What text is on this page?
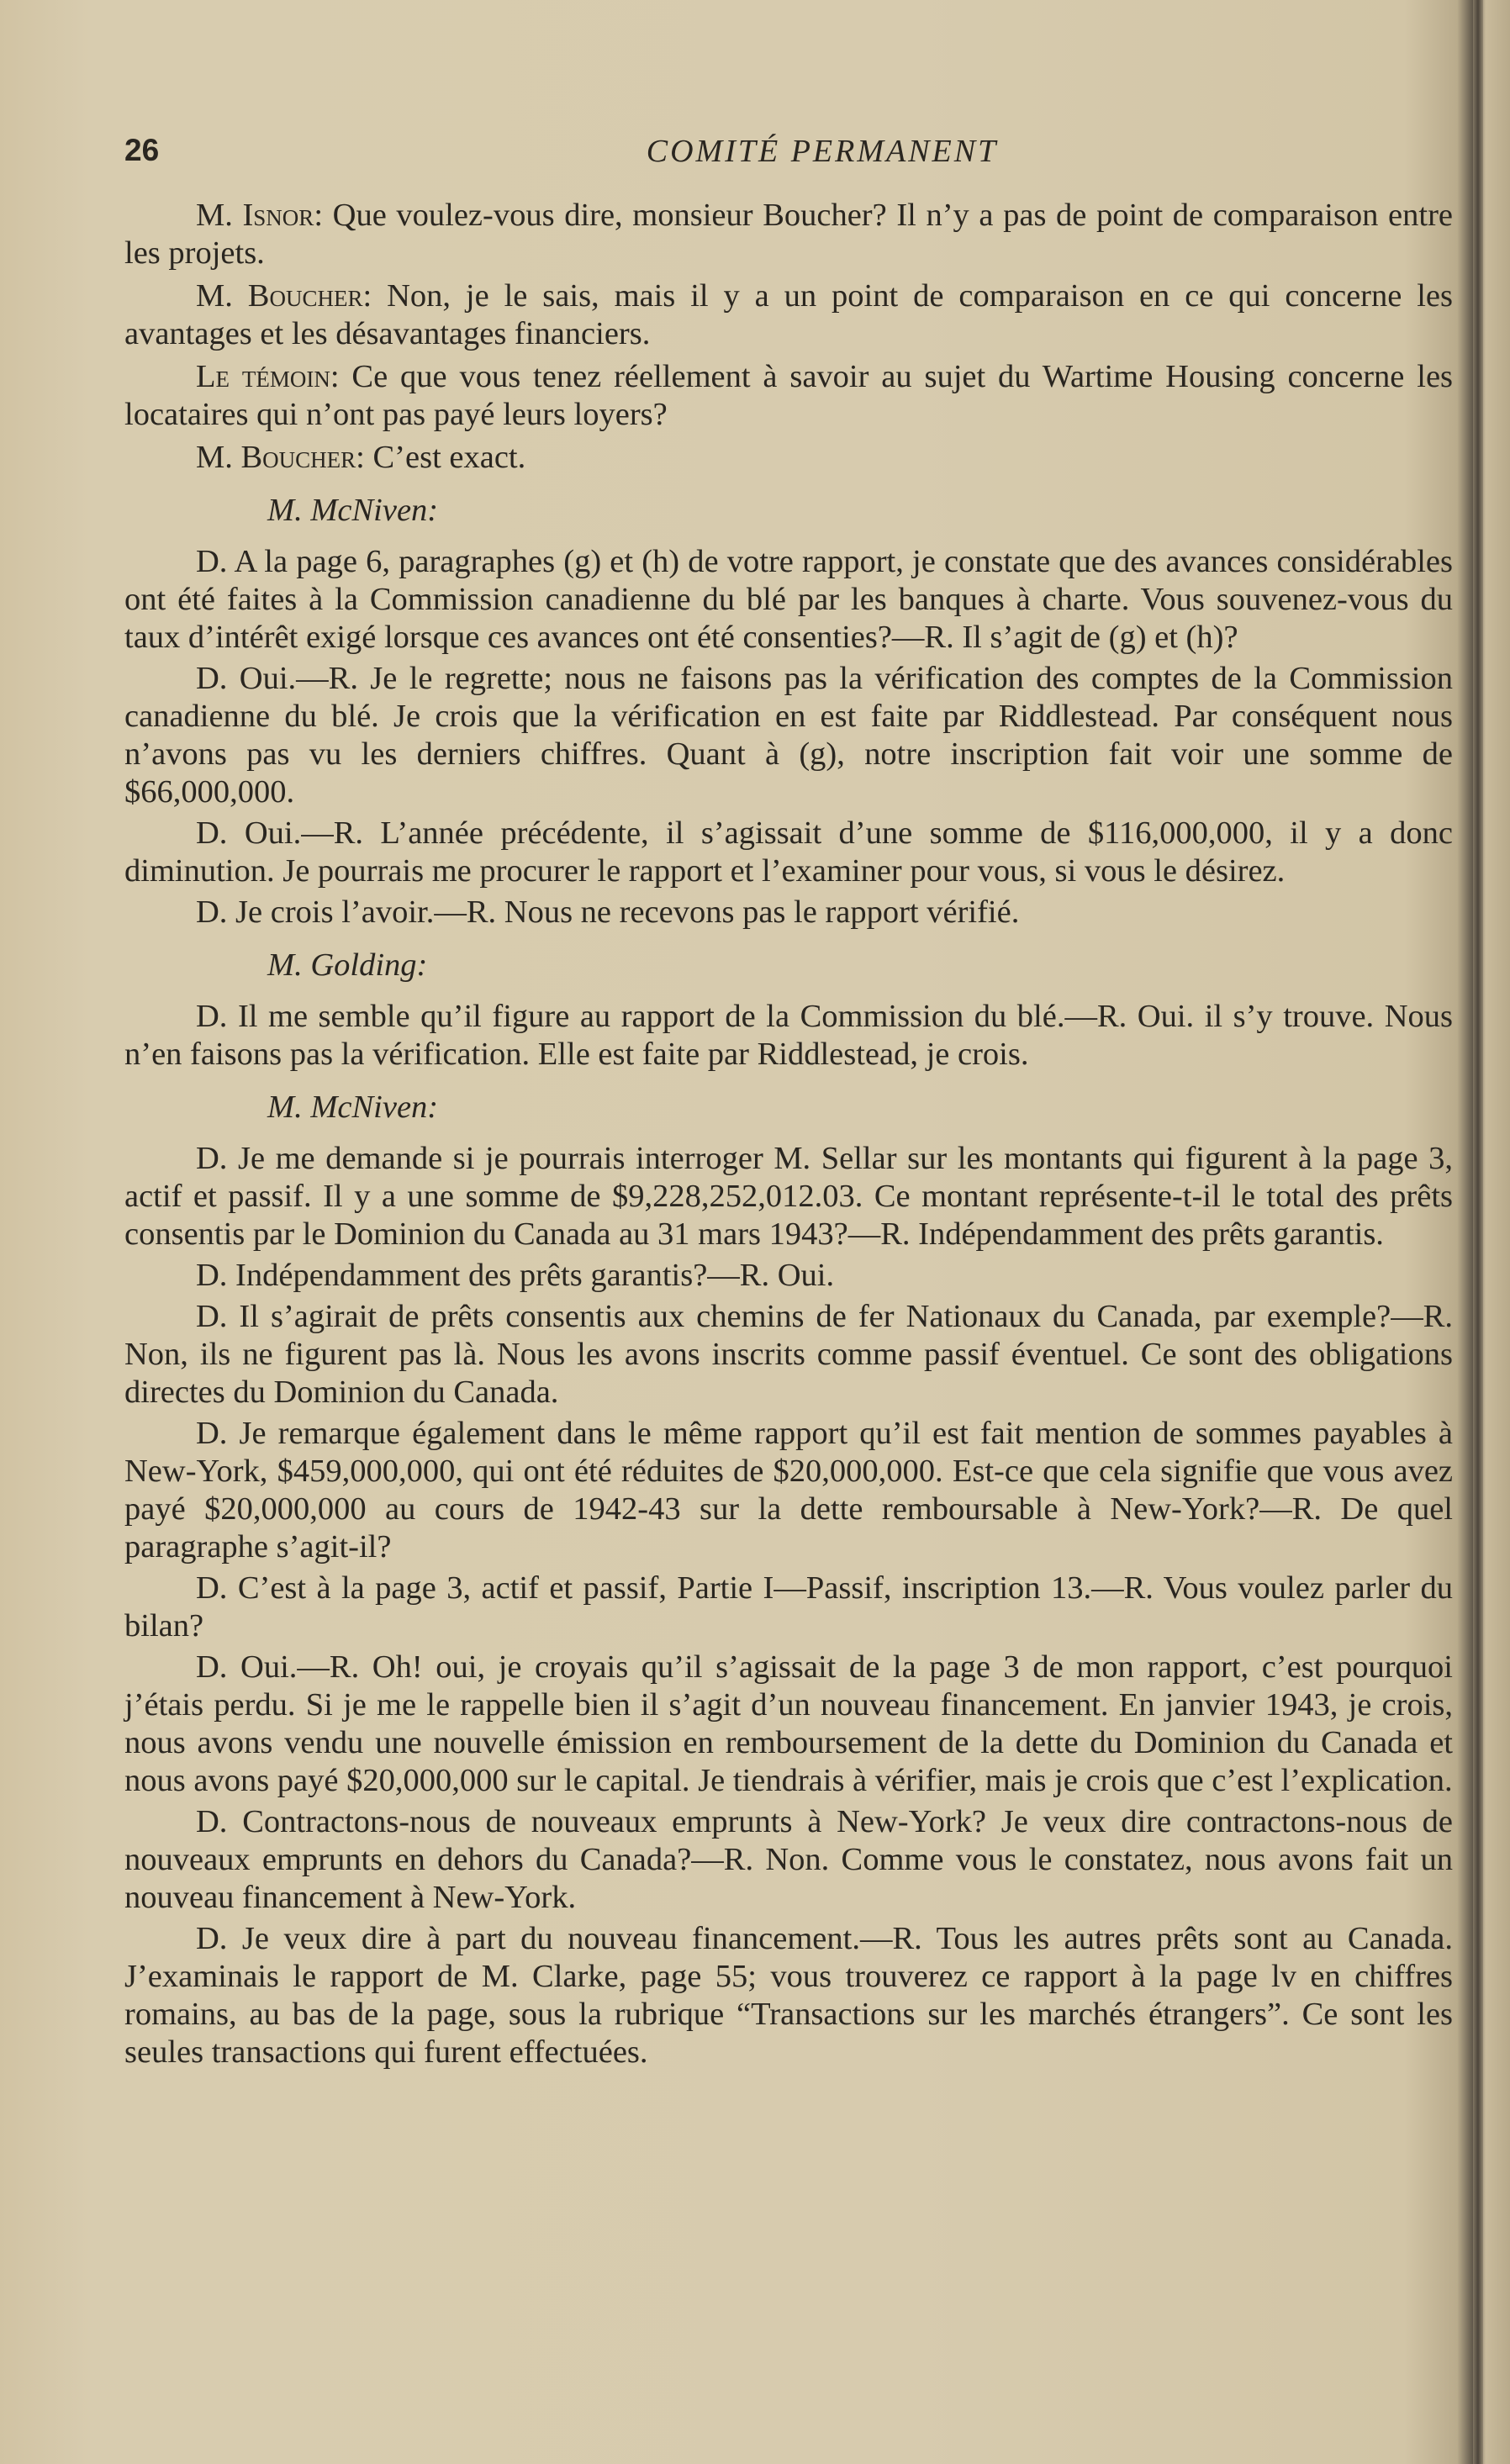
26	COMITÉ PERMANENT

M. Isnor: Que voulez-vous dire, monsieur Boucher? Il n’y a pas de point de comparaison entre les projets.

M. Boucher: Non, je le sais, mais il y a un point de comparaison en ce qui concerne les avantages et les désavantages financiers.

Le témoin: Ce que vous tenez réellement à savoir au sujet du Wartime Housing concerne les locataires qui n’ont pas payé leurs loyers?

M. Boucher: C’est exact.

M. McNiven:

D. A la page 6, paragraphes (g) et (h) de votre rapport, je constate que des avances considérables ont été faites à la Commission canadienne du blé par les banques à charte. Vous souvenez-vous du taux d’intérêt exigé lorsque ces avances ont été consenties?—R. Il s’agit de (g) et (h)?

D. Oui.—R. Je le regrette; nous ne faisons pas la vérification des comptes de la Commission canadienne du blé. Je crois que la vérification en est faite par Riddlestead. Par conséquent nous n’avons pas vu les derniers chiffres. Quant à (g), notre inscription fait voir une somme de $66,000,000.

D. Oui.—R. L’année précédente, il s’agissait d’une somme de $116,000,000, il y a donc diminution. Je pourrais me procurer le rapport et l’examiner pour vous, si vous le désirez.

D. Je crois l’avoir.—R. Nous ne recevons pas le rapport vérifié.

M. Golding:

D. Il me semble qu’il figure au rapport de la Commission du blé.—R. Oui. il s’y trouve. Nous n’en faisons pas la vérification. Elle est faite par Riddlestead, je crois.

M. McNiven:

D. Je me demande si je pourrais interroger M. Sellar sur les montants qui figurent à la page 3, actif et passif. Il y a une somme de $9,228,252,012.03. Ce montant représente-t-il le total des prêts consentis par le Dominion du Canada au 31 mars 1943?—R. Indépendamment des prêts garantis.

D. Indépendamment des prêts garantis?—R. Oui.

D. Il s’agirait de prêts consentis aux chemins de fer Nationaux du Canada, par exemple?—R. Non, ils ne figurent pas là. Nous les avons inscrits comme passif éventuel. Ce sont des obligations directes du Dominion du Canada.

D. Je remarque également dans le même rapport qu’il est fait mention de sommes payables à New-York, $459,000,000, qui ont été réduites de $20,000,000. Est-ce que cela signifie que vous avez payé $20,000,000 au cours de 1942-43 sur la dette remboursable à New-York?—R. De quel paragraphe s’agit-il?

D. C’est à la page 3, actif et passif, Partie I—Passif, inscription 13.—R. Vous voulez parler du bilan?

D. Oui.—R. Oh! oui, je croyais qu’il s’agissait de la page 3 de mon rapport, c’est pourquoi j’étais perdu. Si je me le rappelle bien il s’agit d’un nouveau financement. En janvier 1943, je crois, nous avons vendu une nouvelle émission en remboursement de la dette du Dominion du Canada et nous avons payé $20,000,000 sur le capital. Je tiendrais à vérifier, mais je crois que c’est l’explication.

D. Contractons-nous de nouveaux emprunts à New-York? Je veux dire contractons-nous de nouveaux emprunts en dehors du Canada?—R. Non. Comme vous le constatez, nous avons fait un nouveau financement à New-York.

D. Je veux dire à part du nouveau financement.—R. Tous les autres prêts sont au Canada. J’examinais le rapport de M. Clarke, page 55; vous trouverez ce rapport à la page lv en chiffres romains, au bas de la page, sous la rubrique “Transactions sur les marchés étrangers”. Ce sont les seules transactions qui furent effectuées.
